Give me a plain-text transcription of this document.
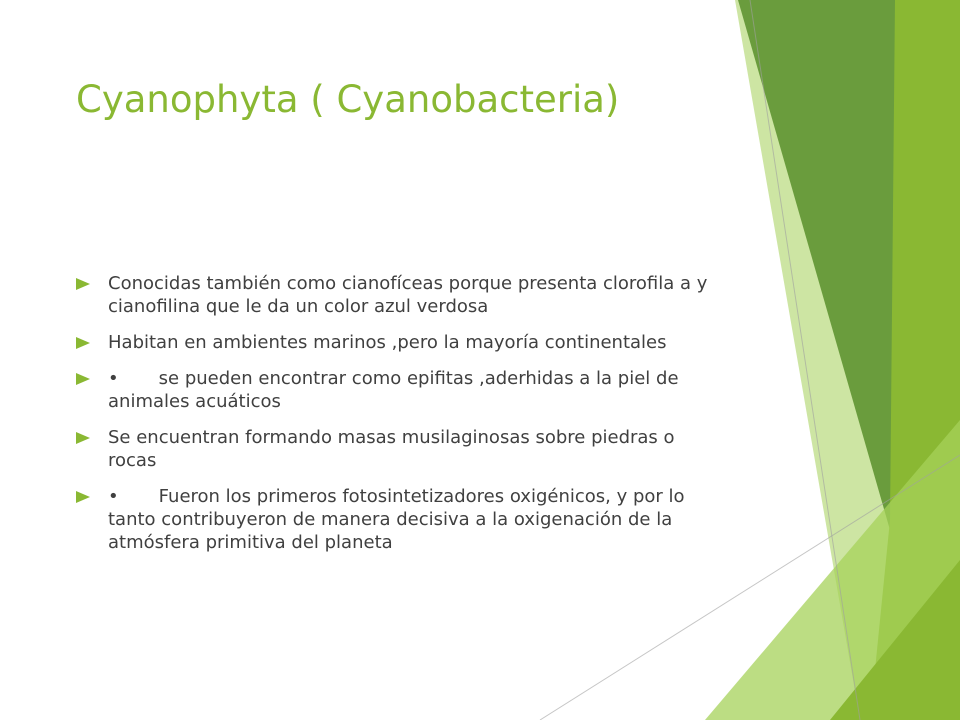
Cyanophyta ( Cyanobacteria)
Conocidas también como cianofíceas porque presenta clorofila a y cianofilina que le da un color azul verdosa
Habitan en ambientes marinos ,pero la mayoría continentales
•       se pueden encontrar como epifitas ,aderhidas a la piel de animales acuáticos
Se encuentran formando masas musilaginosas sobre piedras o rocas
•       Fueron los primeros fotosintetizadores oxigénicos, y por lo tanto contribuyeron de manera decisiva a la oxigenación de la atmósfera primitiva del planeta
